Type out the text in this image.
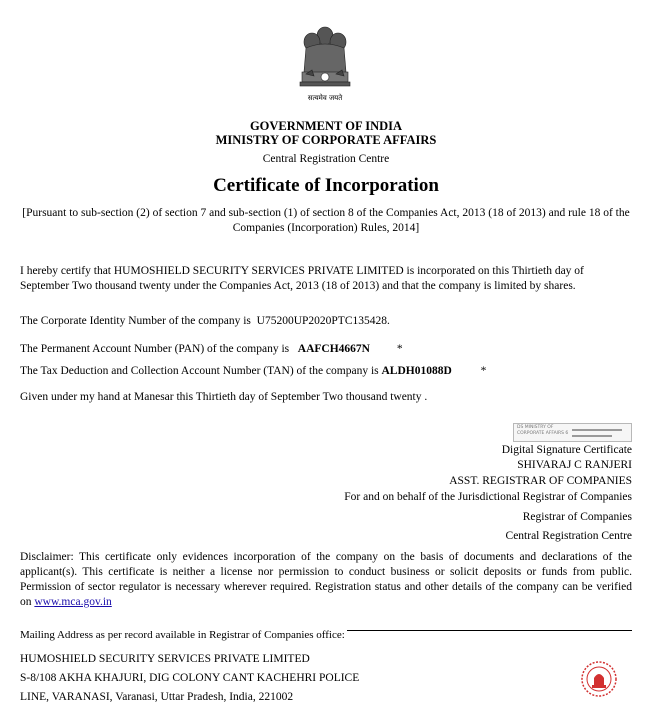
सत्यमेव जयते
GOVERNMENT OF INDIA
MINISTRY OF CORPORATE AFFAIRS
Central Registration Centre
Certificate of Incorporation
[Pursuant to sub-section (2) of section 7 and sub-section (1) of section 8 of the Companies Act, 2013 (18 of 2013) and rule 18 of the Companies (Incorporation) Rules, 2014]
I hereby certify that HUMOSHIELD SECURITY SERVICES PRIVATE LIMITED is incorporated on this Thirtieth day of September Two thousand twenty under the Companies Act, 2013 (18 of 2013) and that the company is limited by shares.
The Corporate Identity Number of the company is U75200UP2020PTC135428.
The Permanent Account Number (PAN) of the company is AAFCH4667N *
The Tax Deduction and Collection Account Number (TAN) of the company is ALDH01088D	*
Given under my hand at Manesar this Thirtieth day of September Two thousand twenty .
DS MINISTRY OF
CORPORATE AFFAIRS 6
Digital Signature Certificate
SHIVARAJ C RANJERI
ASST. REGISTRAR OF COMPANIES
For and on behalf of the Jurisdictional Registrar of Companies
Registrar of Companies
Central Registration Centre
Disclaimer: This certificate only evidences incorporation of the company on the basis of documents and declarations of the applicant(s). This certificate is neither a license nor permission to conduct business or solicit deposits or funds from public. Permission of sector regulator is necessary wherever required. Registration status and other details of the company can be verified on www.mca.gov.in
Mailing Address as per record available in Registrar of Companies office:
HUMOSHIELD SECURITY SERVICES PRIVATE LIMITED
S-8/108 AKHA KHAJURI, DIG COLONY CANT KACHEHRI POLICE
LINE, VARANASI, Varanasi, Uttar Pradesh, India, 221002
